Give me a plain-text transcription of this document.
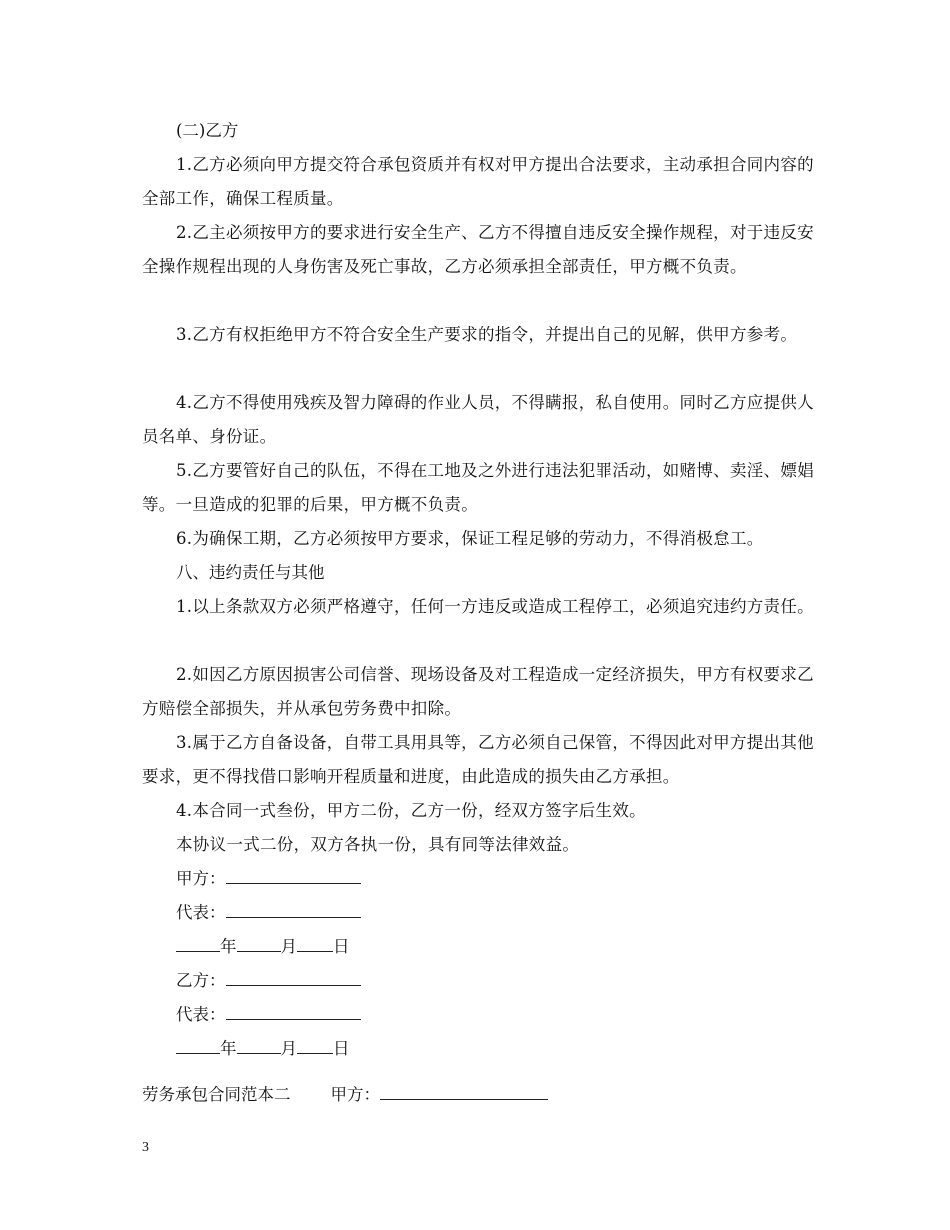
(二)乙方

1.乙方必须向甲方提交符合承包资质并有权对甲方提出合法要求，主动承担合同内容的全部工作，确保工程质量。

2.乙主必须按甲方的要求进行安全生产、乙方不得擅自违反安全操作规程，对于违反安全操作规程出现的人身伤害及死亡事故，乙方必须承担全部责任，甲方概不负责。

3.乙方有权拒绝甲方不符合安全生产要求的指令，并提出自己的见解，供甲方参考。

4.乙方不得使用残疾及智力障碍的作业人员，不得瞒报，私自使用。同时乙方应提供人员名单、身份证。

5.乙方要管好自己的队伍，不得在工地及之外进行违法犯罪活动，如赌博、卖淫、嫖娼等。一旦造成的犯罪的后果，甲方概不负责。

6.为确保工期，乙方必须按甲方要求，保证工程足够的劳动力，不得消极怠工。

八、违约责任与其他

1.以上条款双方必须严格遵守，任何一方违反或造成工程停工，必须追究违约方责任。

2.如因乙方原因损害公司信誉、现场设备及对工程造成一定经济损失，甲方有权要求乙方赔偿全部损失，并从承包劳务费中扣除。

3.属于乙方自备设备，自带工具用具等，乙方必须自己保管，不得因此对甲方提出其他要求，更不得找借口影响开程质量和进度，由此造成的损失由乙方承担。

4.本合同一式叁份，甲方二份，乙方一份，经双方签字后生效。

本协议一式二份，双方各执一份，具有同等法律效益。

甲方：
代表：
年	月 日
乙方：
代表：
年	月 日
劳务承包合同范本二 甲方：
3
